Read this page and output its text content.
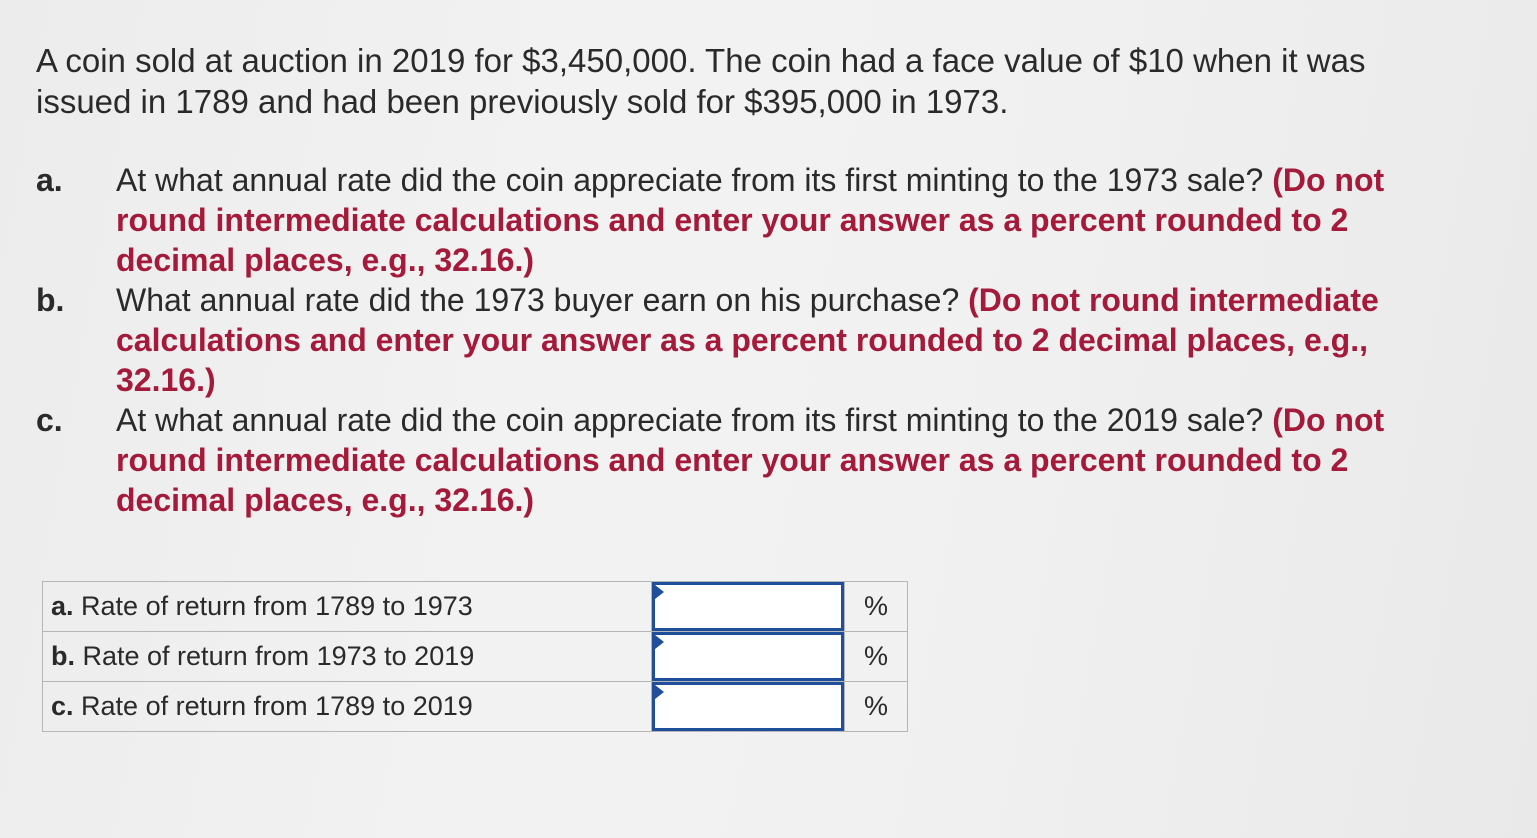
A coin sold at auction in 2019 for $3,450,000. The coin had a face value of $10 when it was issued in 1789 and had been previously sold for $395,000 in 1973.

a.	At what annual rate did the coin appreciate from its first minting to the 1973 sale? (Do not round intermediate calculations and enter your answer as a percent rounded to 2 decimal places, e.g., 32.16.)
b.	What annual rate did the 1973 buyer earn on his purchase? (Do not round intermediate calculations and enter your answer as a percent rounded to 2 decimal places, e.g., 32.16.)
c.	At what annual rate did the coin appreciate from its first minting to the 2019 sale? (Do not round intermediate calculations and enter your answer as a percent rounded to 2 decimal places, e.g., 32.16.)
a. Rate of return from 1789 to 1973		%
b. Rate of return from 1973 to 2019		%
c. Rate of return from 1789 to 2019		%
